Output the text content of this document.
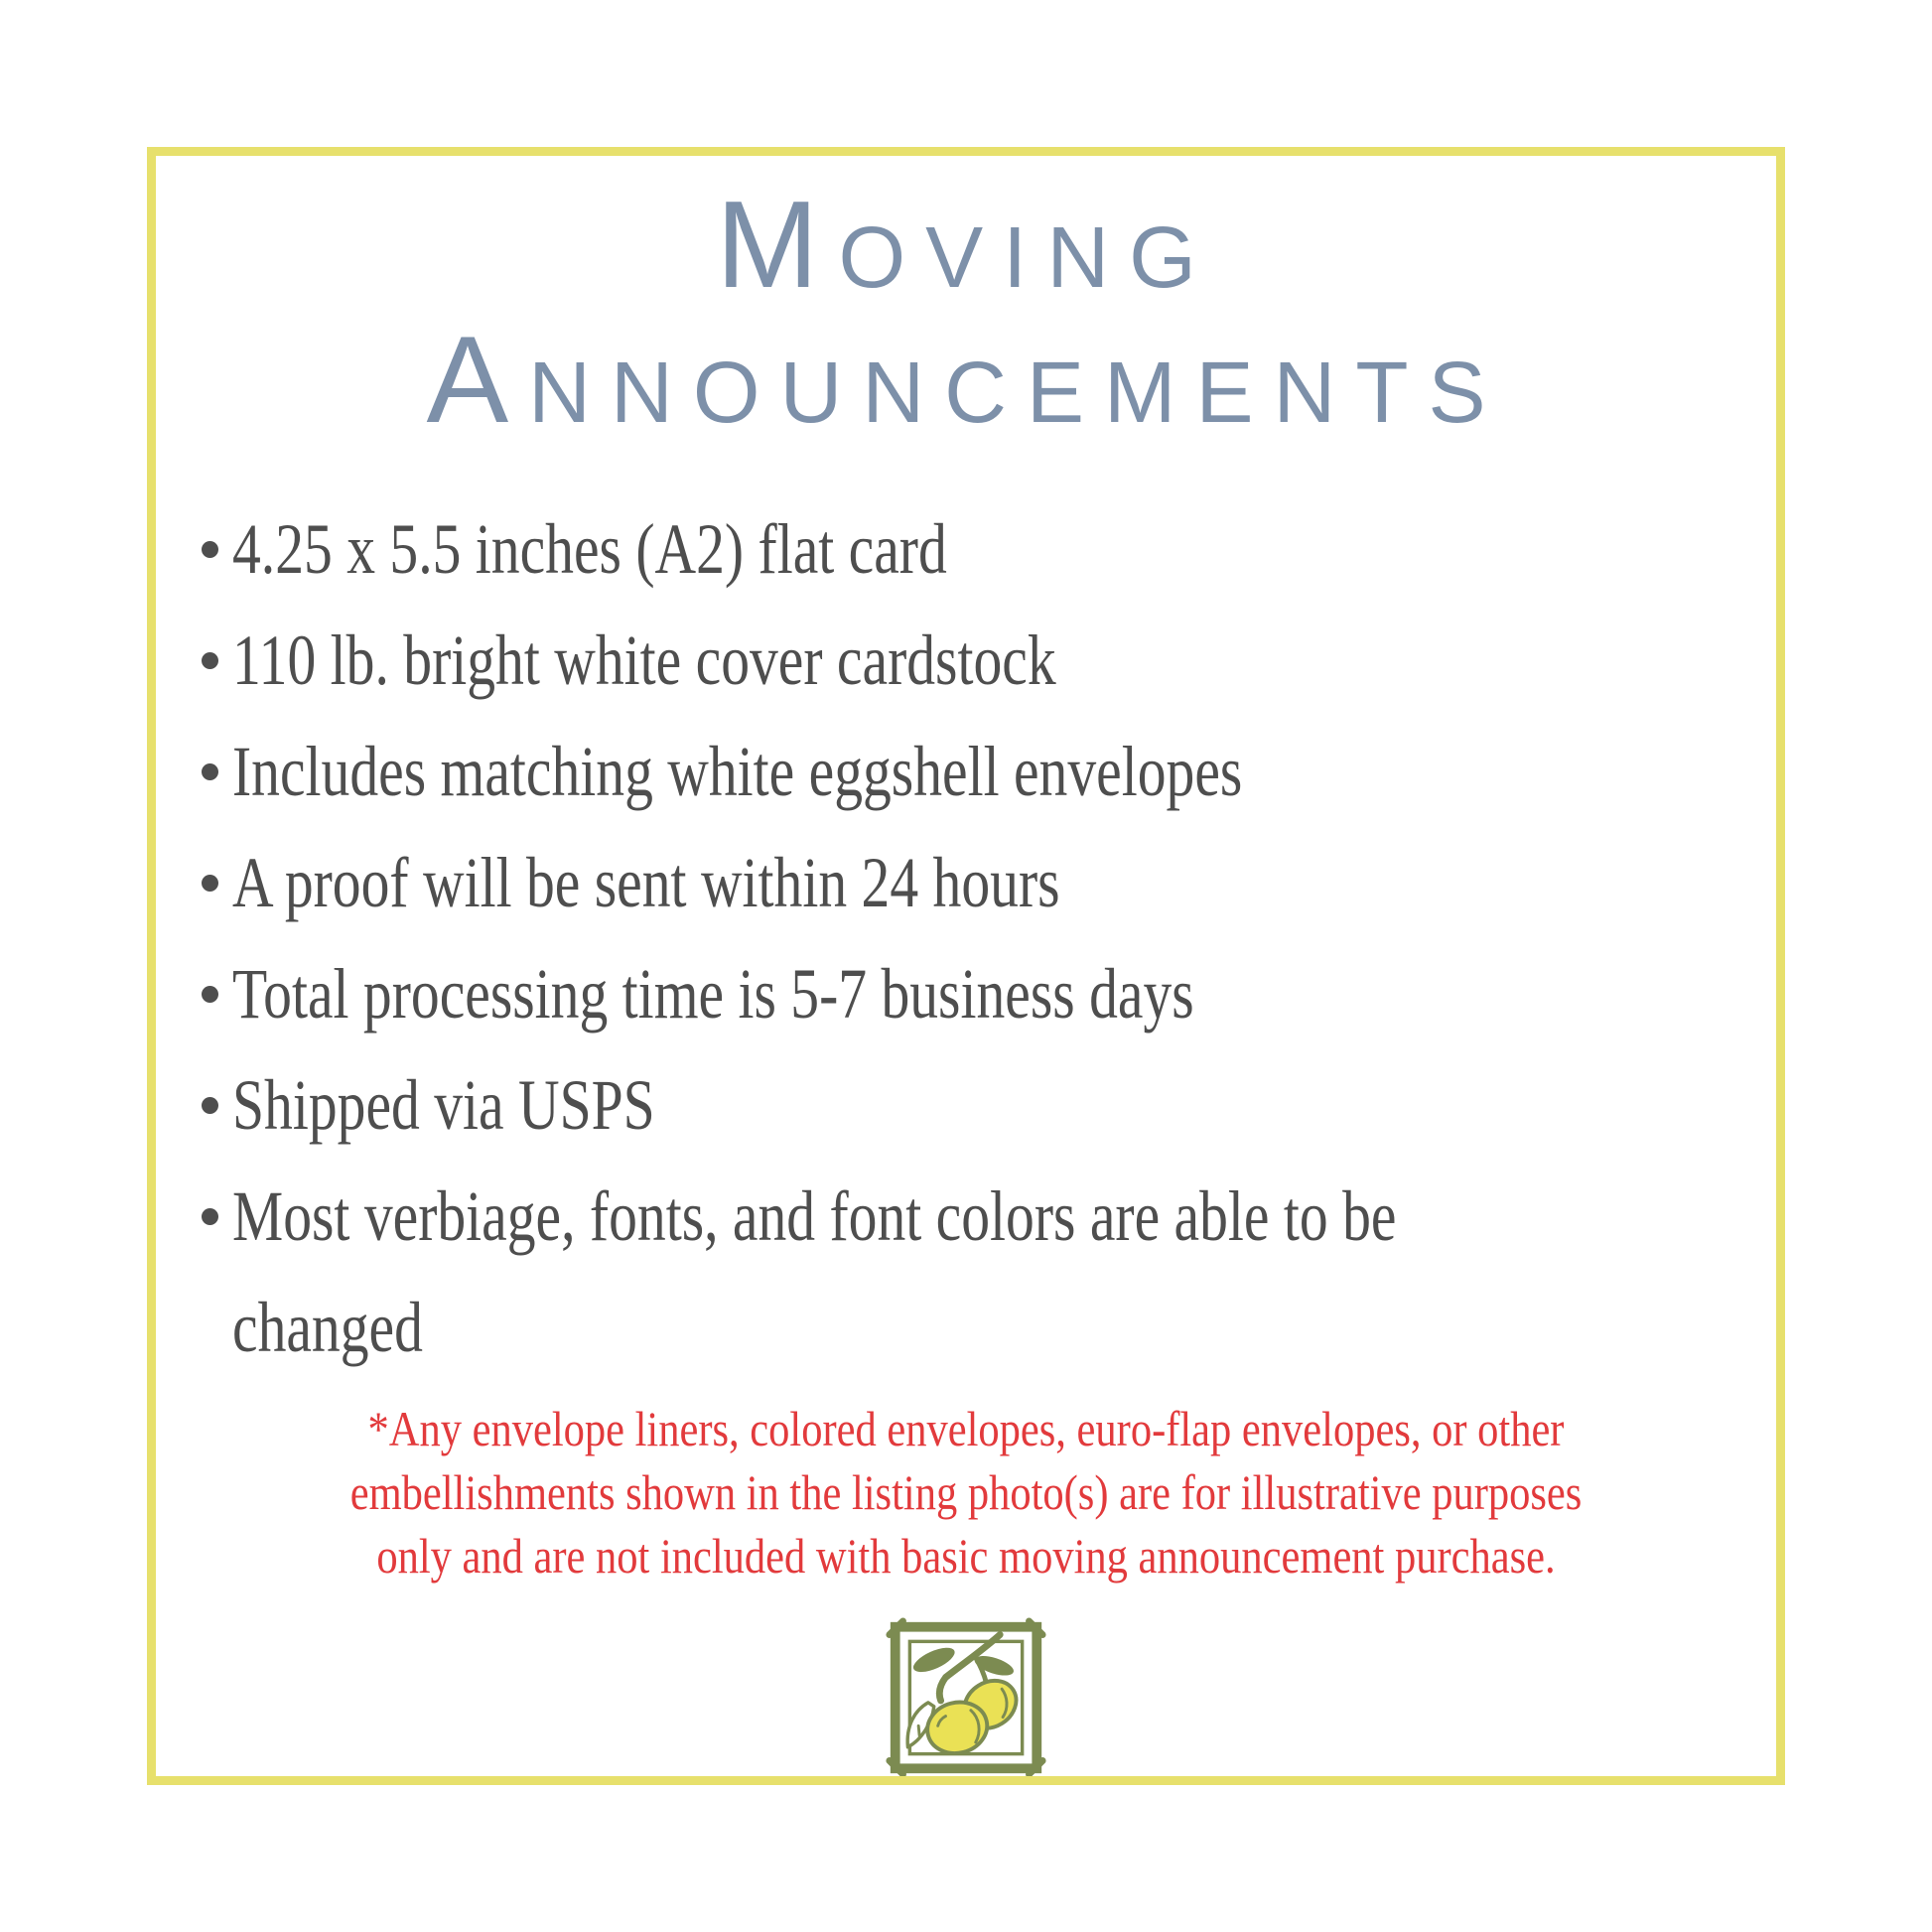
Moving
Announcements
4.25 x 5.5 inches (A2) flat card
110 lb. bright white cover cardstock
Includes matching white eggshell envelopes
A proof will be sent within 24 hours
Total processing time is 5-7 business days
Shipped via USPS
Most verbiage, fonts, and font colors are able to be changed
*Any envelope liners, colored envelopes, euro-flap envelopes, or other
embellishments shown in the listing photo(s) are for illustrative purposes
only and are not included with basic moving announcement purchase.
